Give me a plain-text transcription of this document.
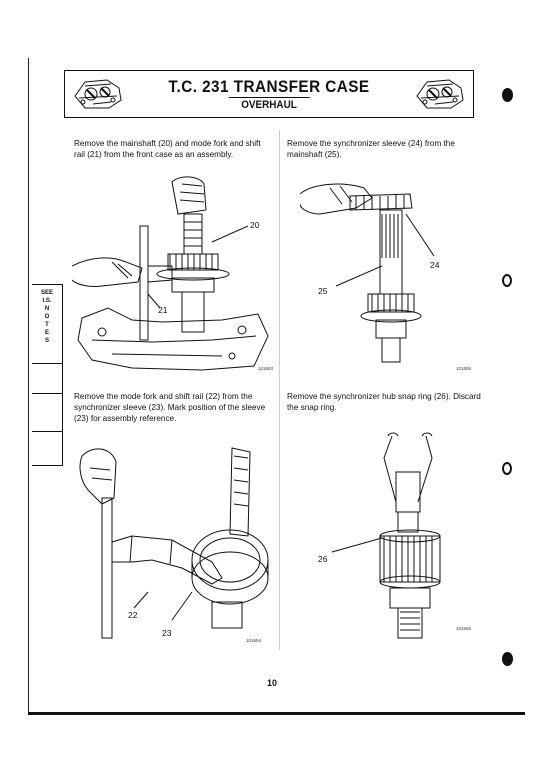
T.C. 231 TRANSFER CASE
OVERHAUL
Remove the mainshaft (20) and mode fork and shift rail (21) from the front case as an assembly.
20
21
101653
Remove the synchronizer sleeve (24) from the mainshaft (25).
24
25
101655
Remove the mode fork and shift rail (22) from the synchronizer sleeve (23). Mark position of the sleeve (23) for assembly reference.
22
23
101654
Remove the synchronizer hub snap ring (26). Discard the snap ring.
26
101656
SEE
I.S.
N
O
T
E
S
10
